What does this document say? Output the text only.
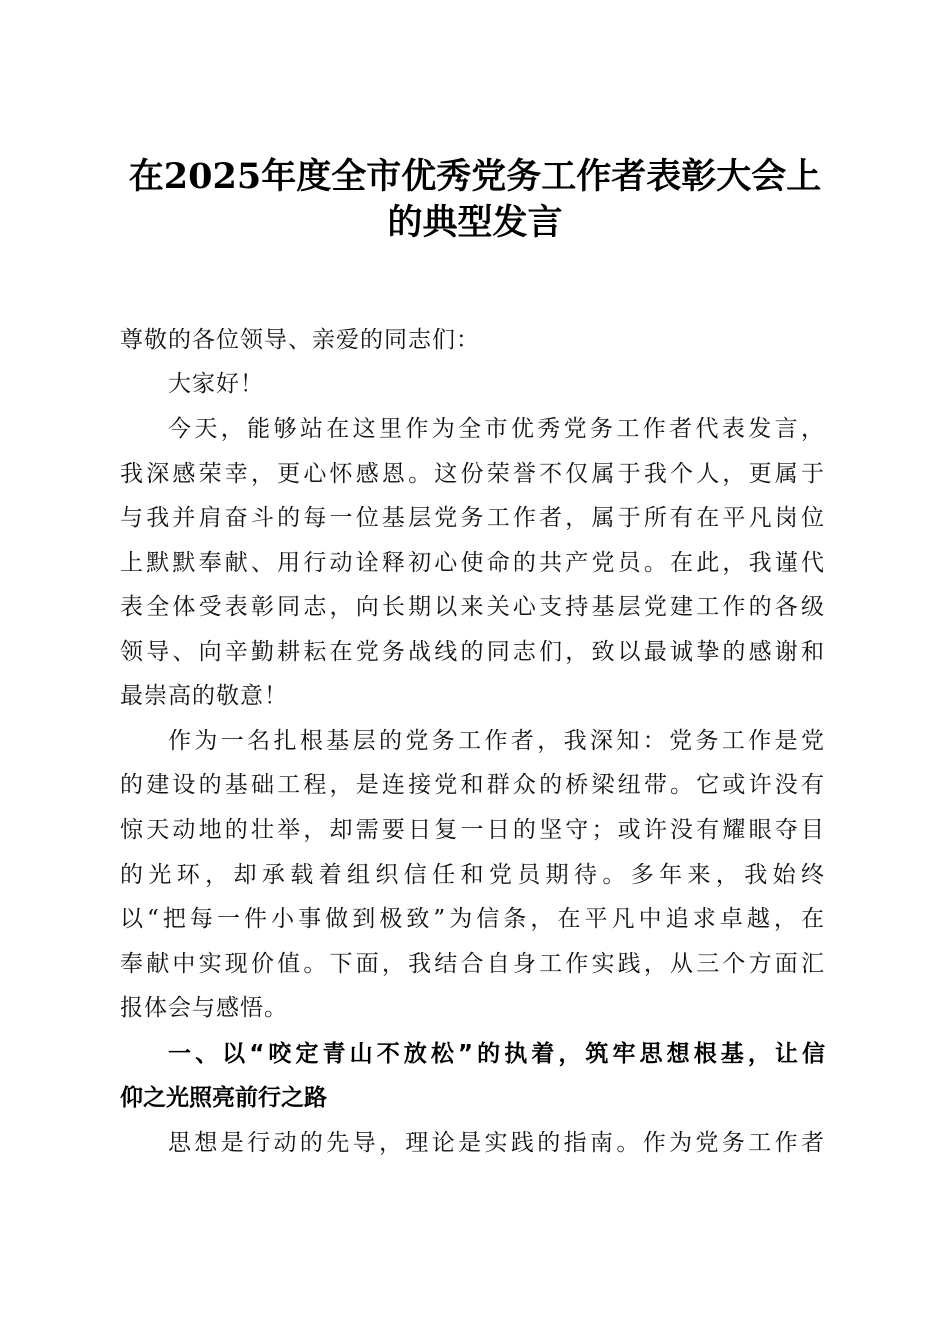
在2025年度全市优秀党务工作者表彰大会上
的典型发言

尊敬的各位领导、亲爱的同志们：

大家好！

今天，能够站在这里作为全市优秀党务工作者代表发言，

我深感荣幸，更心怀感恩。这份荣誉不仅属于我个人，更属于

与我并肩奋斗的每一位基层党务工作者，属于所有在平凡岗位

上默默奉献、用行动诠释初心使命的共产党员。在此，我谨代

表全体受表彰同志，向长期以来关心支持基层党建工作的各级

领导、向辛勤耕耘在党务战线的同志们，致以最诚挚的感谢和

最崇高的敬意！

作为一名扎根基层的党务工作者，我深知：党务工作是党

的建设的基础工程，是连接党和群众的桥梁纽带。它或许没有

惊天动地的壮举，却需要日复一日的坚守；或许没有耀眼夺目

的光环，却承载着组织信任和党员期待。多年来，我始终

以“把每一件小事做到极致”为信条，在平凡中追求卓越，在

奉献中实现价值。下面，我结合自身工作实践，从三个方面汇

报体会与感悟。

一、以“咬定青山不放松”的执着，筑牢思想根基，让信

仰之光照亮前行之路

思想是行动的先导，理论是实践的指南。作为党务工作者
